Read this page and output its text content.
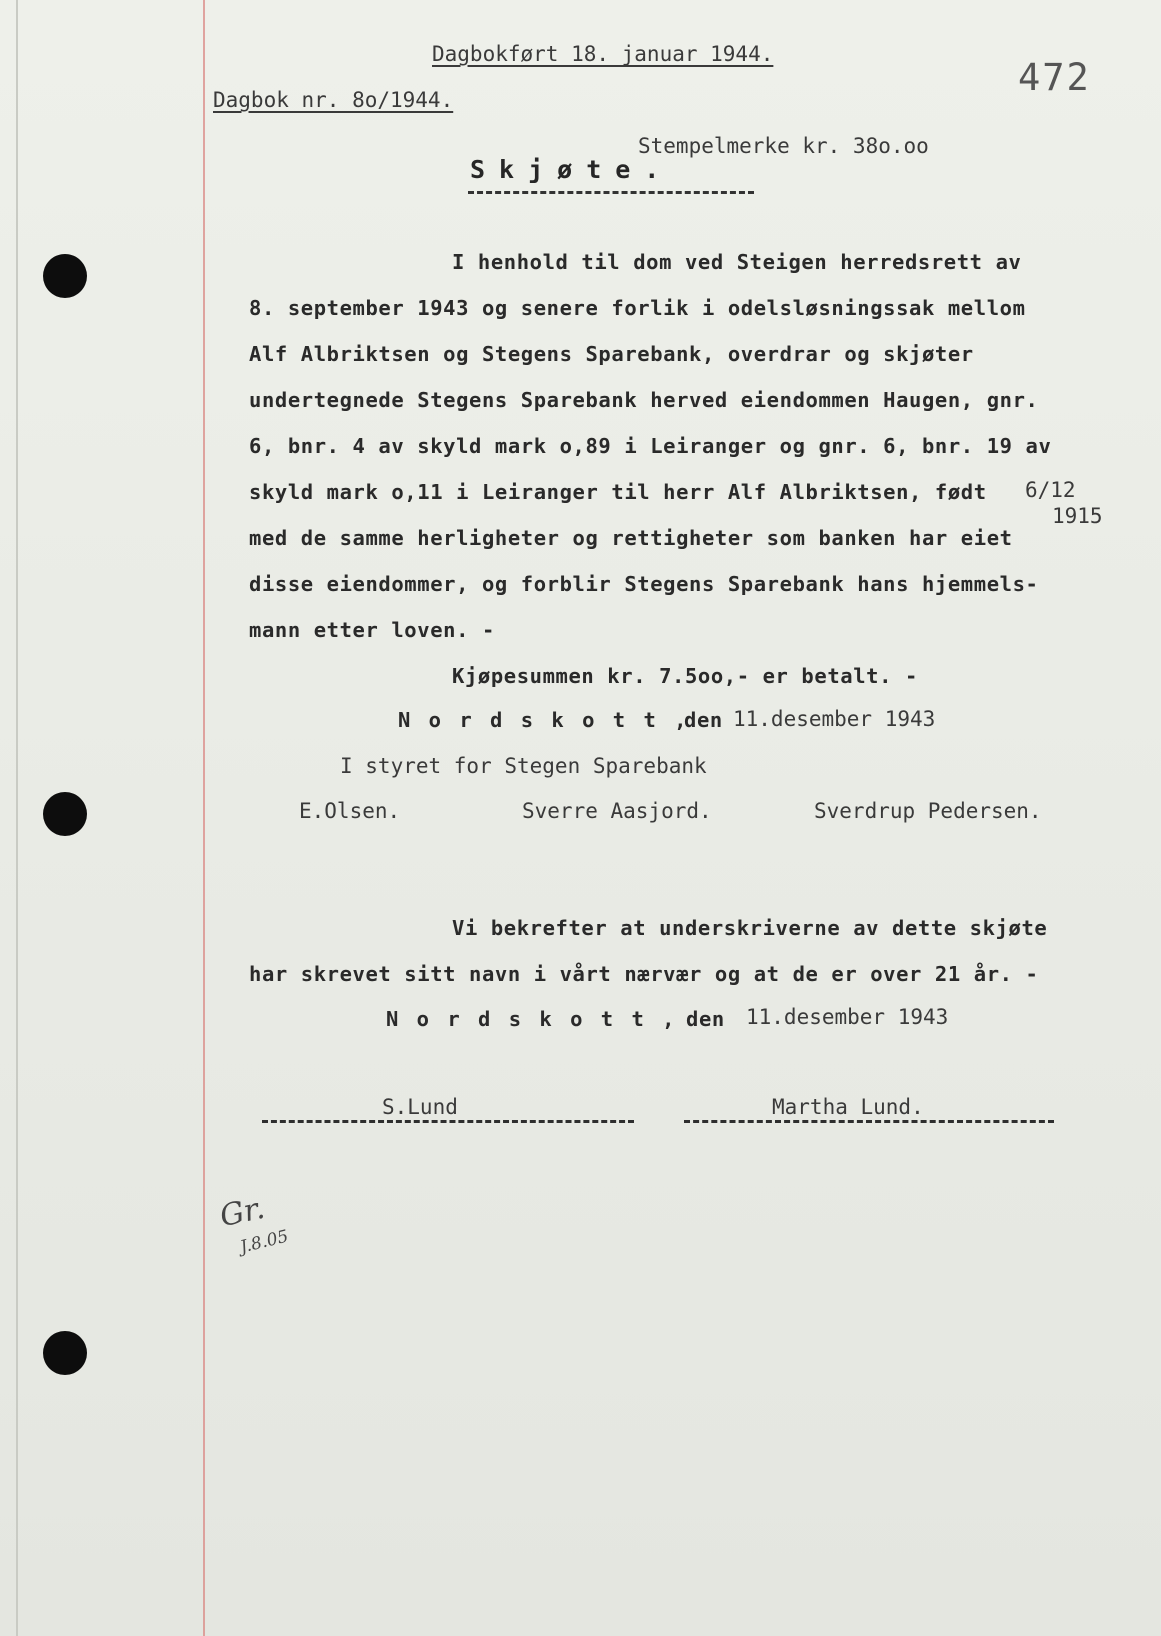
Dagbokført 18. januar 1944.
Dagbok nr. 8o/1944.
472
Stempelmerke kr. 38o.oo
Skjøte.
I henhold til dom ved Steigen herredsrett av
8. september 1943 og senere forlik i odelsløsningssak mellom
Alf Albriktsen og Stegens Sparebank, overdrar og skjøter
undertegnede Stegens Sparebank herved eiendommen Haugen, gnr.
6, bnr. 4 av skyld mark o,89 i Leiranger og gnr. 6, bnr. 19 av
skyld mark o,11 i Leiranger til herr Alf Albriktsen, født 6/12
1915
med de samme herligheter og rettigheter som banken har eiet
disse eiendommer, og forblir Stegens Sparebank hans hjemmels-
mann etter loven. -
Kjøpesummen kr. 7.5oo,- er betalt. -
N o r d s k o t t ,
den 11.desember 1943
I styret for Stegen Sparebank
E.Olsen.	Sverre Aasjord.	Sverdrup Pedersen.
Vi bekrefter at underskriverne av dette skjøte
har skrevet sitt navn i vårt nærvær og at de er over 21 år. -
N o r d s k o t t , den 11.desember 1943
S.Lund	Martha Lund.
Gr.
J.8.05
